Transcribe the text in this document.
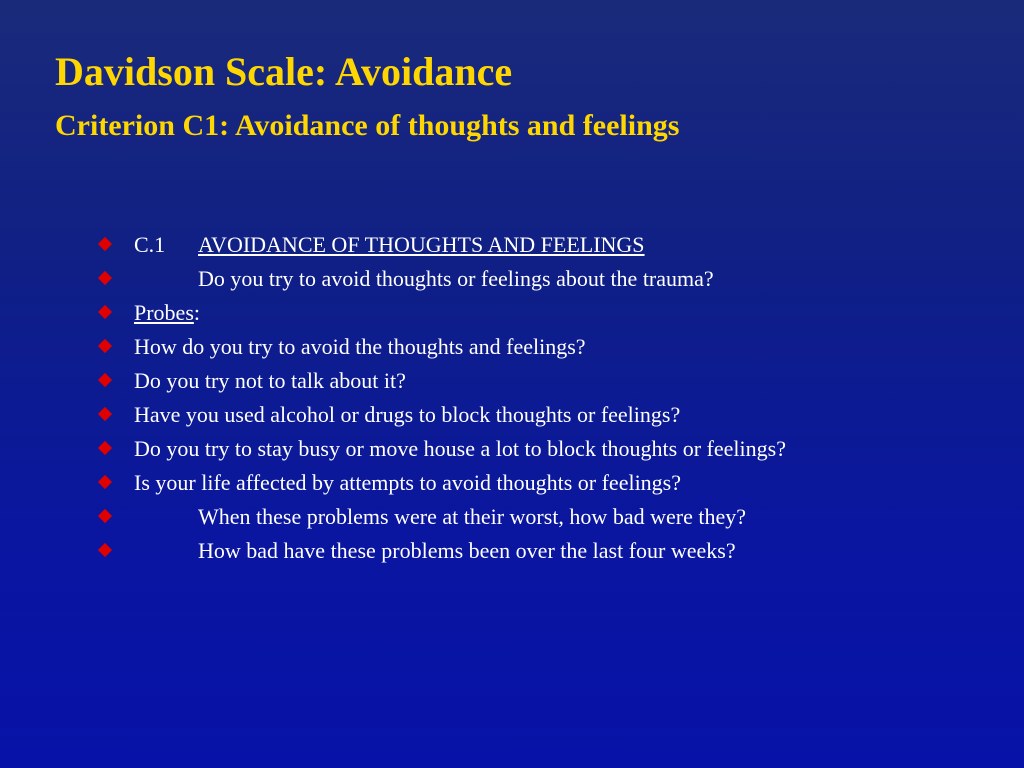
Davidson Scale: Avoidance
Criterion C1: Avoidance of thoughts and feelings
C.1 AVOIDANCE OF THOUGHTS AND FEELINGS
Do you try to avoid thoughts or feelings about the trauma?
Probes:
How do you try to avoid the thoughts and feelings?
Do you try not to talk about it?
Have you used alcohol or drugs to block thoughts or feelings?
Do you try to stay busy or move house a lot to block thoughts or feelings?
Is your life affected by attempts to avoid thoughts or feelings?
When these problems were at their worst, how bad were they?
How bad have these problems been over the last four weeks?
